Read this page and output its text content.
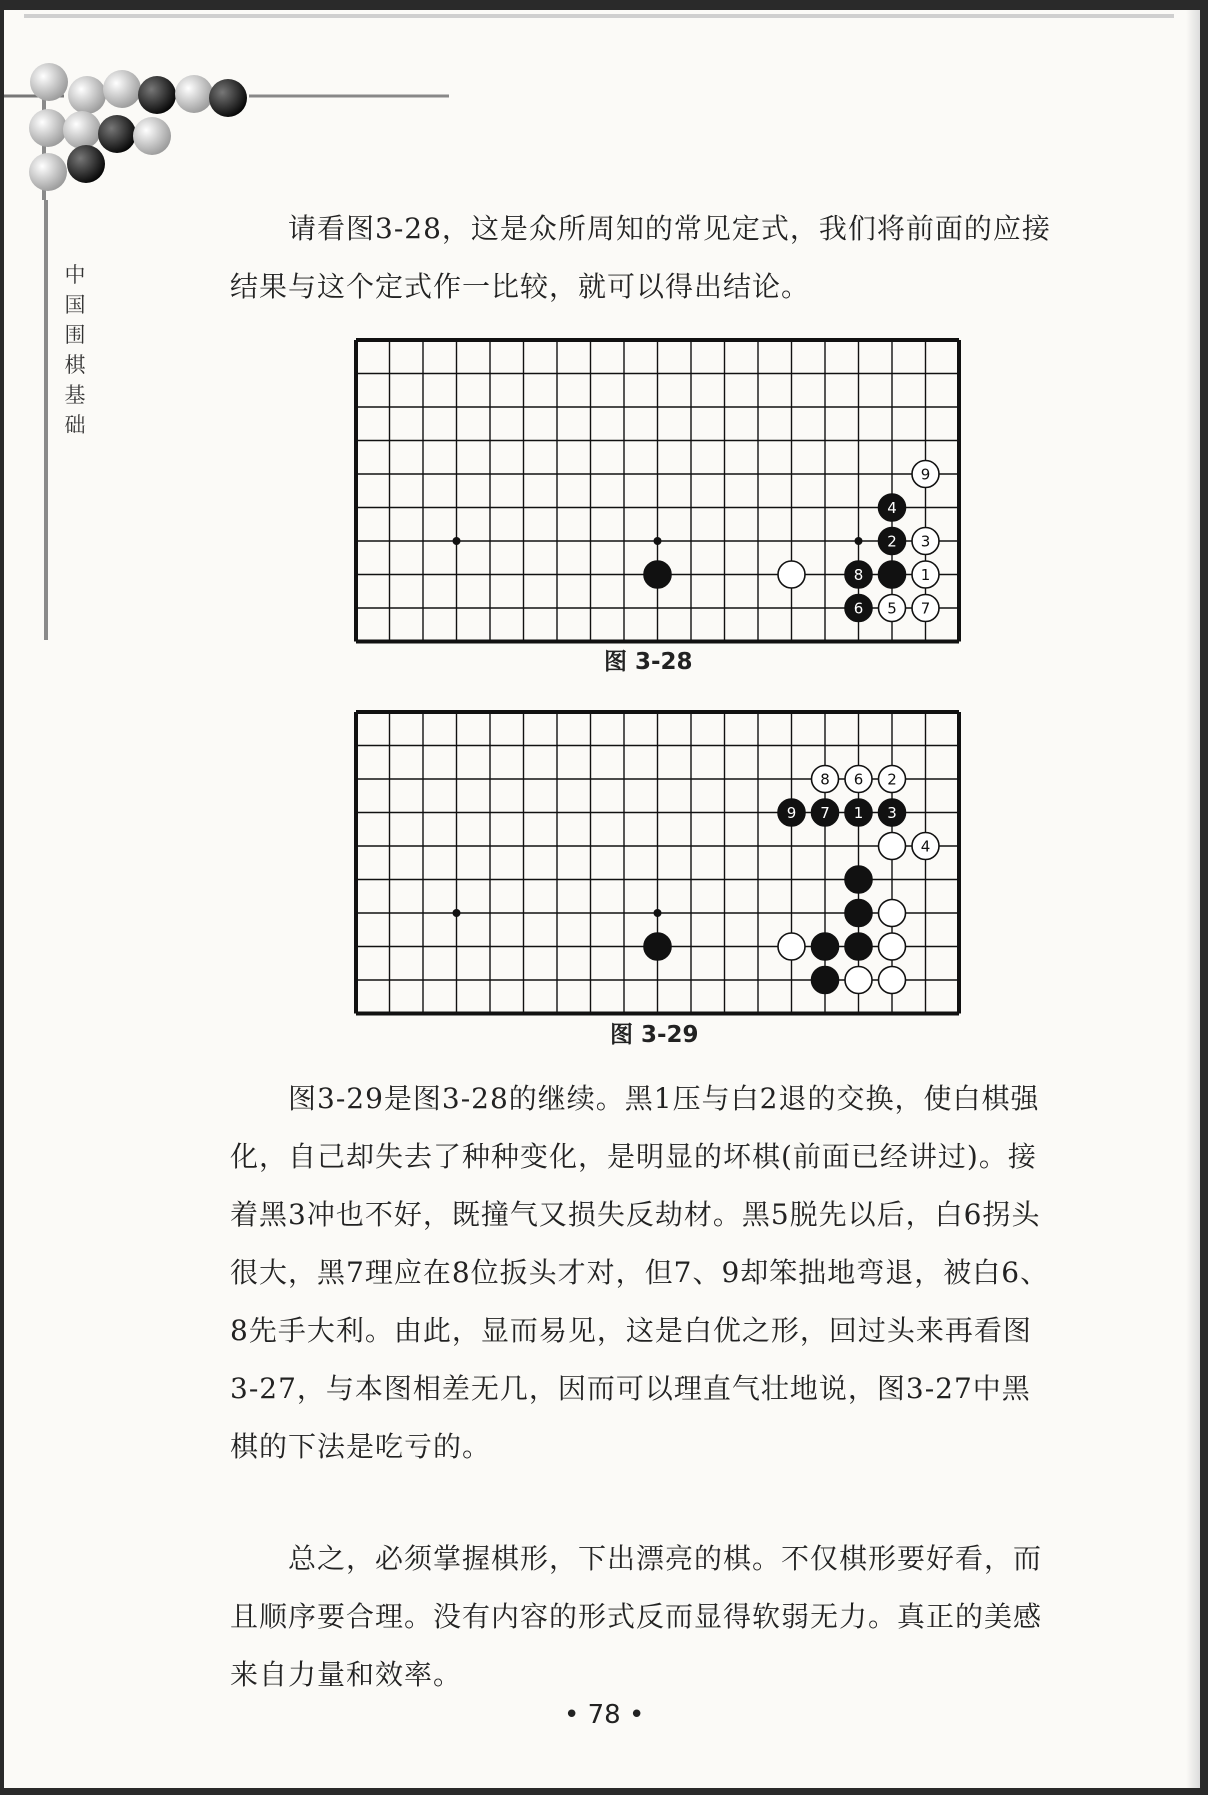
中国围棋基础

请看图3-28，这是众所周知的常见定式，我们将前面的应接结果与这个定式作一比较，就可以得出结论。

1
2 3
4
5
6	7
8
9
图 3-28
1
2
3
4
6
7
8
9
图 3-29

图3-29是图3-28的继续。黑1压与白2退的交换，使白棋强化，自己却失去了种种变化，是明显的坏棋(前面已经讲过)。接着黑3冲也不好，既撞气又损失反劫材。黑5脱先以后，白6拐头很大，黑7理应在8位扳头才对，但7、9却笨拙地弯退，被白6、8先手大利。由此，显而易见，这是白优之形，回过头来再看图3-27，与本图相差无几，因而可以理直气壮地说，图3-27中黑棋的下法是吃亏的。

总之，必须掌握棋形，下出漂亮的棋。不仅棋形要好看，而且顺序要合理。没有内容的形式反而显得软弱无力。真正的美感来自力量和效率。

• 78 •
